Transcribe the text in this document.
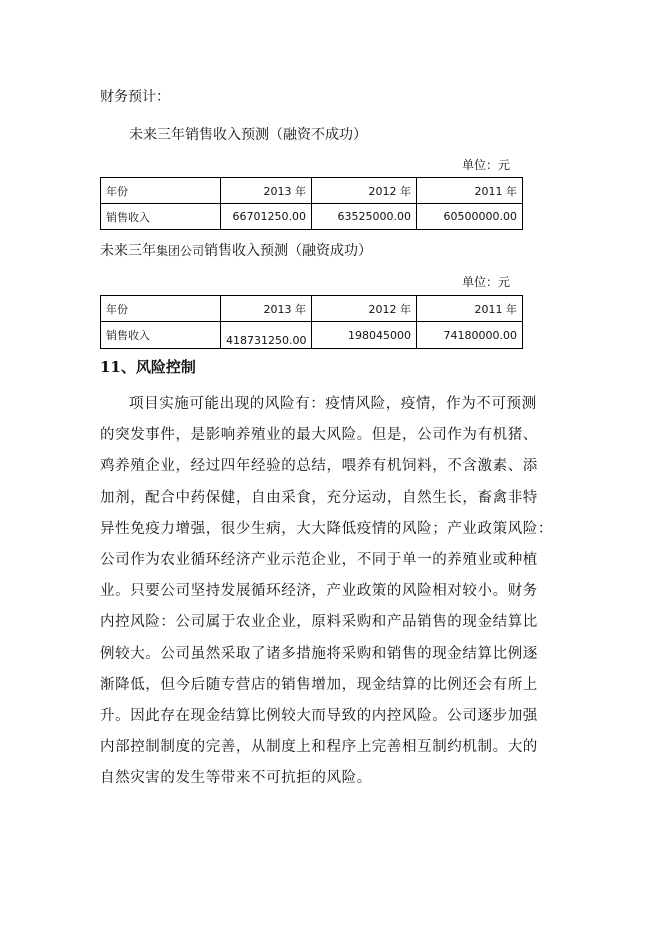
财务预计：
未来三年销售收入预测（融资不成功）
单位：元
年份	2013 年	2012 年	2011 年
销售收入	66701250.00	63525000.00	60500000.00
未来三年集团公司销售收入预测（融资成功）
单位：元
年份	2013 年	2012 年	2011 年
销售收入	418731250.00	198045000	74180000.00
11、风险控制
项目实施可能出现的风险有：疫情风险，疫情，作为不可预测
的突发事件，是影响养殖业的最大风险。但是，公司作为有机猪、
鸡养殖企业，经过四年经验的总结，喂养有机饲料，不含激素、添
加剂，配合中药保健，自由采食，充分运动，自然生长，畜禽非特
异性免疫力增强，很少生病，大大降低疫情的风险；产业政策风险：
公司作为农业循环经济产业示范企业，不同于单一的养殖业或种植
业。只要公司坚持发展循环经济，产业政策的风险相对较小。财务
内控风险：公司属于农业企业，原料采购和产品销售的现金结算比
例较大。公司虽然采取了诸多措施将采购和销售的现金结算比例逐
渐降低，但今后随专营店的销售增加，现金结算的比例还会有所上
升。因此存在现金结算比例较大而导致的内控风险。公司逐步加强
内部控制制度的完善，从制度上和程序上完善相互制约机制。大的
自然灾害的发生等带来不可抗拒的风险。
